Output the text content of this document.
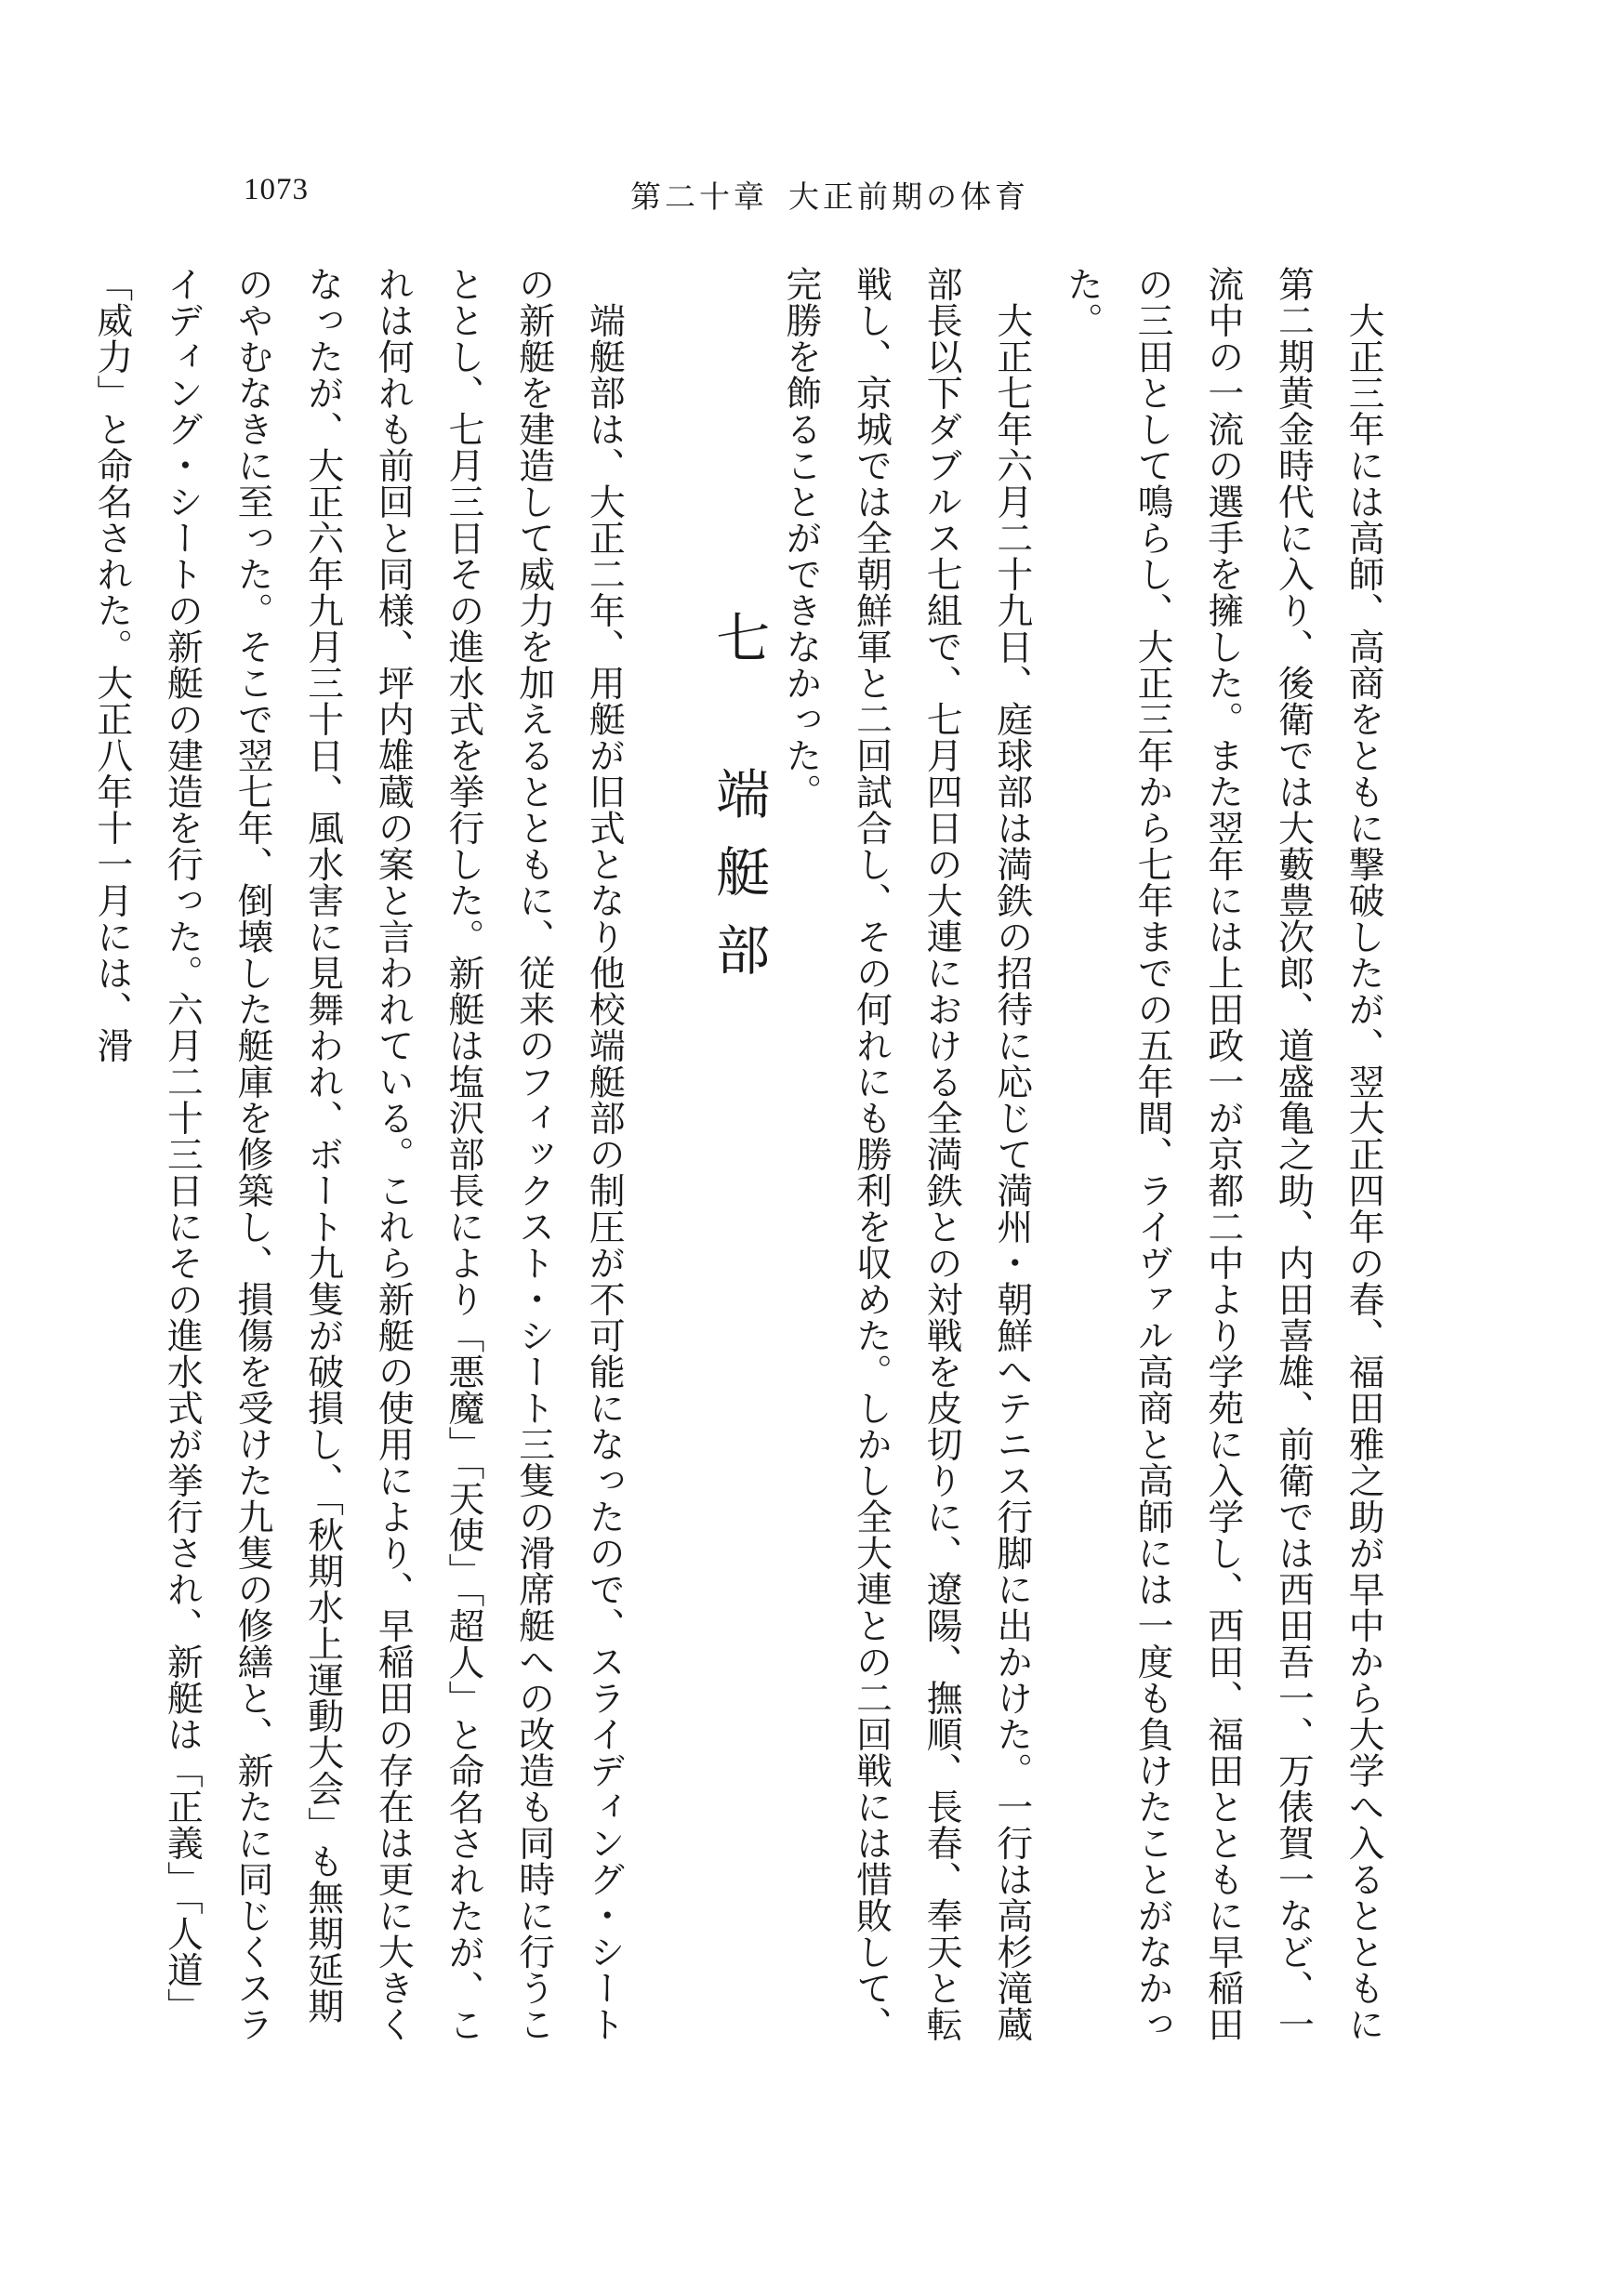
1073	第二十章 大正前期の体育

大正三年には高師、高商をともに撃破したが、翌大正四年の春、福田雅之助が早中から大学へ入るとともに第二期黄金時代に入り、後衛では大藪豊次郎、道盛亀之助、内田喜雄、前衛では西田吾一、万俵賀一など、一流中の一流の選手を擁した。また翌年には上田政一が京都二中より学苑に入学し、西田、福田とともに早稲田の三田として鳴らし、大正三年から七年までの五年間、ライヴァル高商と高師には一度も負けたことがなかった。

大正七年六月二十九日、庭球部は満鉄の招待に応じて満州・朝鮮へテニス行脚に出かけた。一行は高杉滝蔵部長以下ダブルス七組で、七月四日の大連における全満鉄との対戦を皮切りに、遼陽、撫順、長春、奉天と転戦し、京城では全朝鮮軍と二回試合し、その何れにも勝利を収めた。しかし全大連との二回戦には惜敗して、完勝を飾ることができなかった。

七　端艇部

端艇部は、大正二年、用艇が旧式となり他校端艇部の制圧が不可能になったので、スライディング・シートの新艇を建造して威力を加えるとともに、従来のフィックスト・シート三隻の滑席艇への改造も同時に行うこととし、七月三日その進水式を挙行した。新艇は塩沢部長により「悪魔」「天使」「超人」と命名されたが、これは何れも前回と同様、坪内雄蔵の案と言われている。これら新艇の使用により、早稲田の存在は更に大きくなったが、大正六年九月三十日、風水害に見舞われ、ボート九隻が破損し、「秋期水上運動大会」も無期延期のやむなきに至った。そこで翌七年、倒壊した艇庫を修築し、損傷を受けた九隻の修繕と、新たに同じくスライディング・シートの新艇の建造を行った。六月二十三日にその進水式が挙行され、新艇は「正義」「人道」「威力」と命名された。大正八年十一月には、滑
